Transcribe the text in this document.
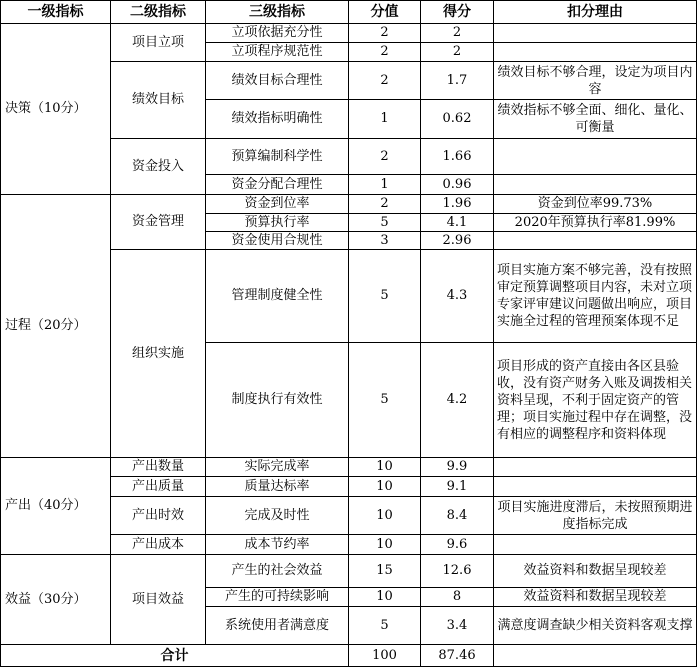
一级指标	二级指标	三级指标	分值	得分	扣分理由
决策（10分）	项目立项	立项依据充分性	2	2	
		立项程序规范性	2	2	
	绩效目标	绩效目标合理性	2	1.7	绩效目标不够合理，设定为项目内容
		绩效指标明确性	1	0.62	绩效指标不够全面、细化、量化、可衡量
	资金投入	预算编制科学性	2	1.66	
		资金分配合理性	1	0.96	
过程（20分）	资金管理	资金到位率	2	1.96	资金到位率99.73%
		预算执行率	5	4.1	2020年预算执行率81.99%
		资金使用合规性	3	2.96	
	组织实施	管理制度健全性	5	4.3	项目实施方案不够完善，没有按照审定预算调整项目内容，未对立项专家评审建议问题做出响应，项目实施全过程的管理预案体现不足
		制度执行有效性	5	4.2	项目形成的资产直接由各区县验收，没有资产财务入账及调拨相关资料呈现，不利于固定资产的管理；项目实施过程中存在调整，没有相应的调整程序和资料体现
产出（40分）	产出数量	实际完成率	10	9.9	
	产出质量	质量达标率	10	9.1	
	产出时效	完成及时性	10	8.4	项目实施进度滞后，未按照预期进度指标完成
	产出成本	成本节约率	10	9.6	
效益（30分）	项目效益	产生的社会效益	15	12.6	效益资料和数据呈现较差
		产生的可持续影响	10	8	效益资料和数据呈现较差
		系统使用者满意度	5	3.4	满意度调查缺少相关资料客观支撑
合计			100	87.46	
